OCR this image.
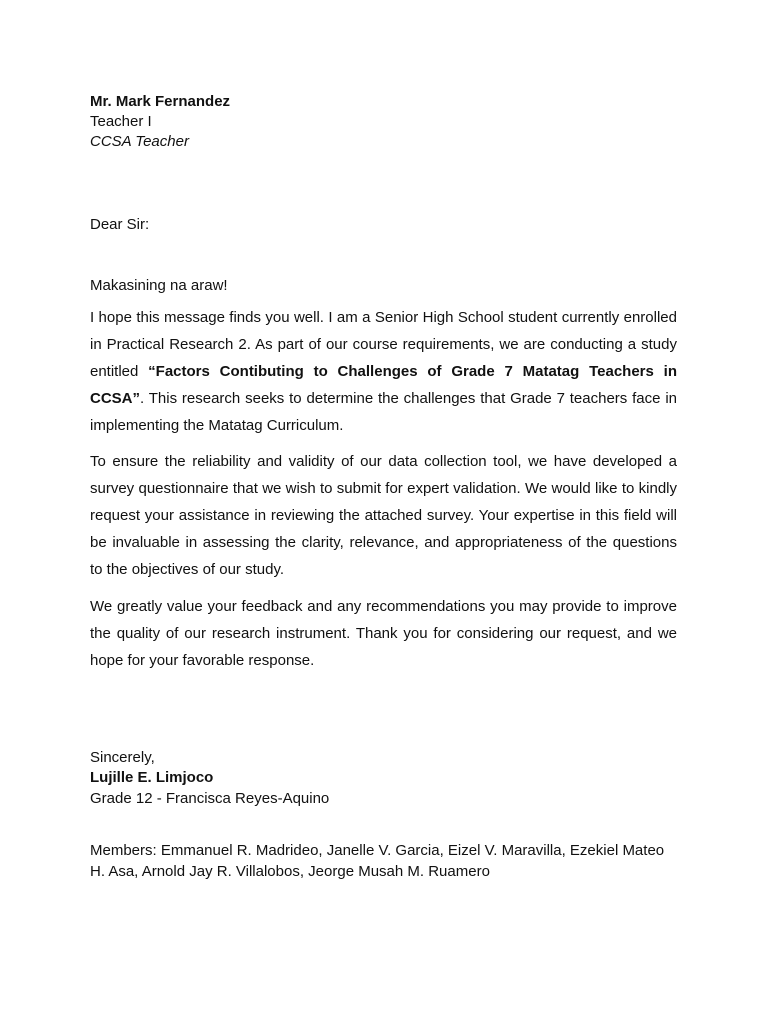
Mr. Mark Fernandez
Teacher I
CCSA Teacher
Dear Sir:
Makasining na araw!

I hope this message finds you well. I am a Senior High School student currently enrolled in Practical Research 2. As part of our course requirements, we are conducting a study entitled “Factors Contibuting to Challenges of Grade 7 Matatag Teachers in CCSA”. This research seeks to determine the challenges that Grade 7 teachers face in implementing the Matatag Curriculum.

To ensure the reliability and validity of our data collection tool, we have developed a survey questionnaire that we wish to submit for expert validation. We would like to kindly request your assistance in reviewing the attached survey. Your expertise in this field will be invaluable in assessing the clarity, relevance, and appropriateness of the questions to the objectives of our study.

We greatly value your feedback and any recommendations you may provide to improve the quality of our research instrument. Thank you for considering our request, and we hope for your favorable response.

Sincerely,
Lujille E. Limjoco
Grade 12 - Francisca Reyes-Aquino

Members: Emmanuel R. Madrideo, Janelle V. Garcia, Eizel V. Maravilla, Ezekiel Mateo H. Asa, Arnold Jay R. Villalobos, Jeorge Musah M. Ruamero
